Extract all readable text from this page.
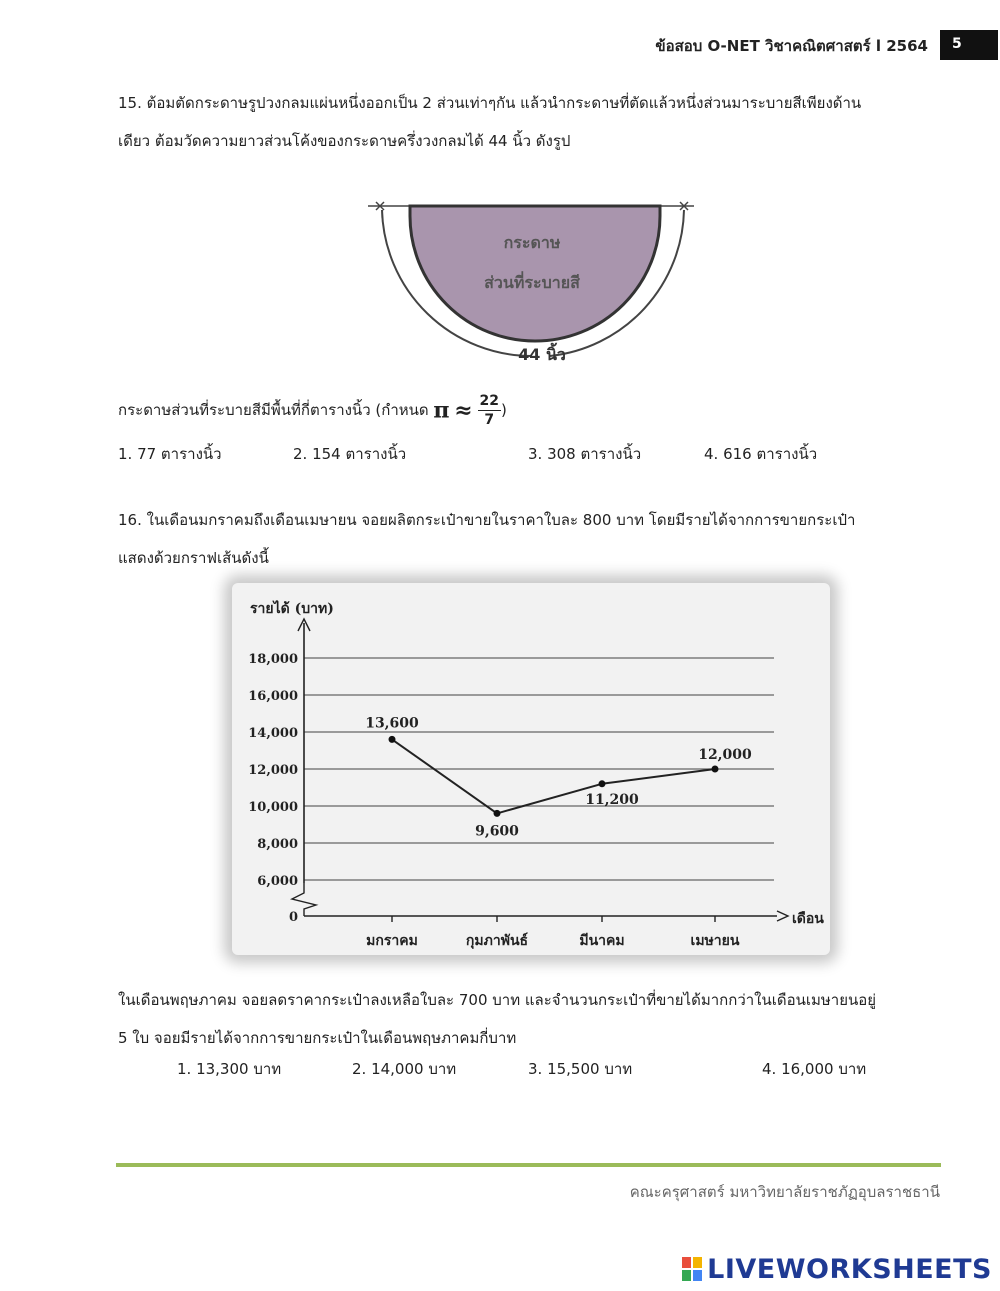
ข้อสอบ O-NET วิชาคณิตศาสตร์ l 2564	5
15. ต้อมตัดกระดาษรูปวงกลมแผ่นหนึ่งออกเป็น 2 ส่วนเท่าๆกัน แล้วนำกระดาษที่ตัดแล้วหนึ่งส่วนมาระบายสีเพียงด้าน
เดียว ต้อมวัดความยาวส่วนโค้งของกระดาษครึ่งวงกลมได้ 44 นิ้ว ดังรูป
กระดาษ
ส่วนที่ระบายสี
44 นิ้ว
กระดาษส่วนที่ระบายสีมีพื้นที่กี่ตารางนิ้ว (กำหนด $\pi \approx \frac{22}{7}$ )
1. 77 ตารางนิ้ว	2. 154 ตารางนิ้ว	3. 308 ตารางนิ้ว	4. 616 ตารางนิ้ว
16. ในเดือนมกราคมถึงเดือนเมษายน จอยผลิตกระเป๋าขายในราคาใบละ 800 บาท โดยมีรายได้จากการขายกระเป๋า
แสดงด้วยกราฟเส้นดังนี้
0
6,000
8,000
10,000
12,000
14,000
16,000
18,000
รายได้ (บาท)
เดือน
มกราคม	กุมภาพันธ์	มีนาคม	เมษายน
13,600
9,600
11,200
12,000
ในเดือนพฤษภาคม จอยลดราคากระเป๋าลงเหลือใบละ 700 บาท และจำนวนกระเป๋าที่ขายได้มากกว่าในเดือนเมษายนอยู่
5 ใบ จอยมีรายได้จากการขายกระเป๋าในเดือนพฤษภาคมกี่บาท
1. 13,300 บาท	2. 14,000 บาท	3. 15,500 บาท	4. 16,000 บาท
คณะครุศาสตร์ มหาวิทยาลัยราชภัฏอุบลราชธานี
LIVEWORKSHEETS
